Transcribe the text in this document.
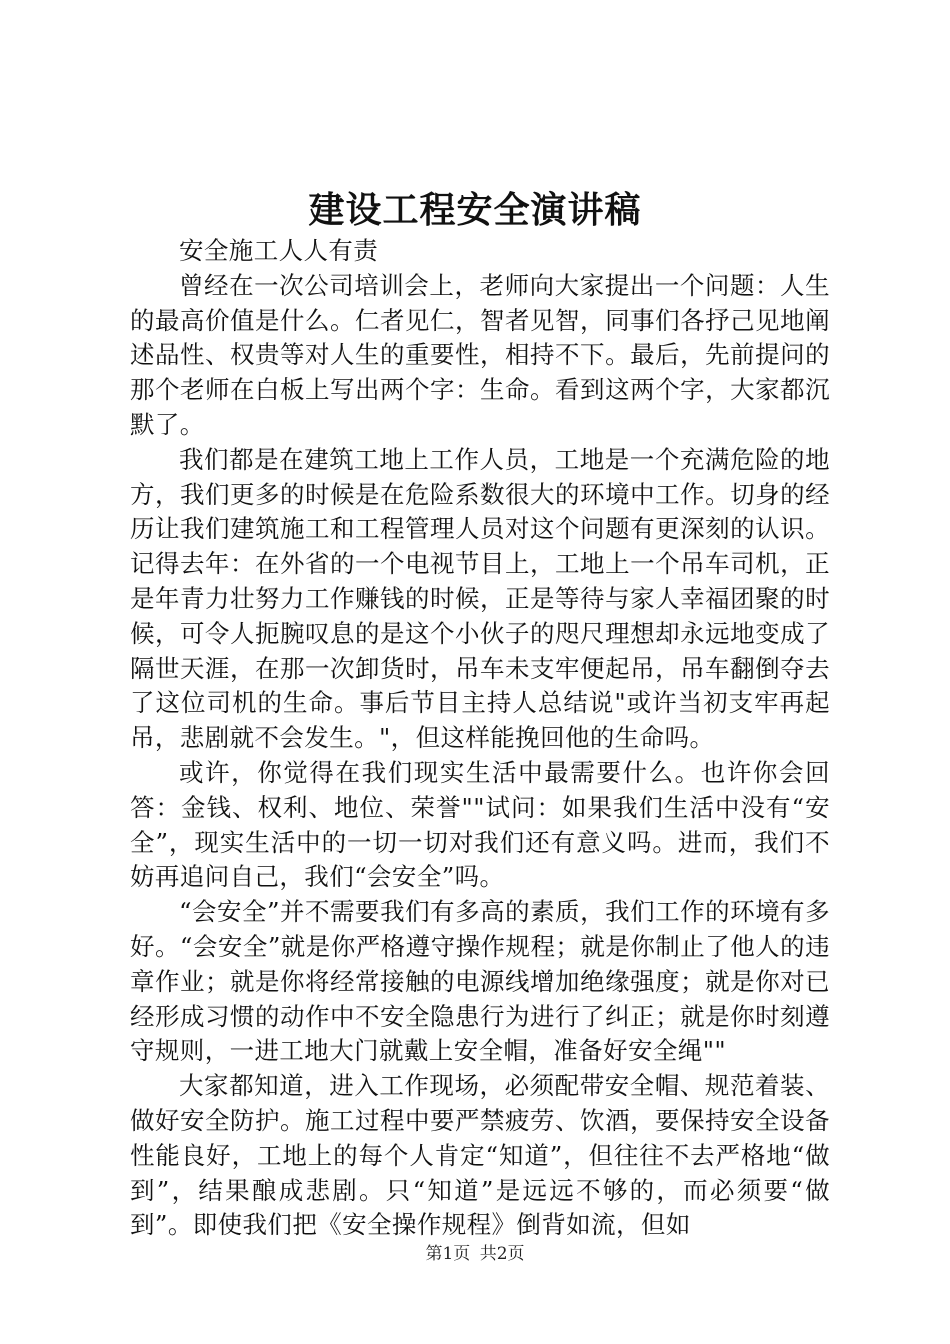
建设工程安全演讲稿

安全施工人人有责

曾经在一次公司培训会上，老师向大家提出一个问题：人生的最高价值是什么。仁者见仁，智者见智，同事们各抒己见地阐述品性、权贵等对人生的重要性，相持不下。最后，先前提问的那个老师在白板上写出两个字：生命。看到这两个字，大家都沉默了。

我们都是在建筑工地上工作人员，工地是一个充满危险的地方，我们更多的时候是在危险系数很大的环境中工作。切身的经历让我们建筑施工和工程管理人员对这个问题有更深刻的认识。记得去年：在外省的一个电视节目上，工地上一个吊车司机，正是年青力壮努力工作赚钱的时候，正是等待与家人幸福团聚的时候，可令人扼腕叹息的是这个小伙子的咫尺理想却永远地变成了隔世天涯，在那一次卸货时，吊车未支牢便起吊，吊车翻倒夺去了这位司机的生命。事后节目主持人总结说"或许当初支牢再起吊，悲剧就不会发生。"，但这样能挽回他的生命吗。

或许，你觉得在我们现实生活中最需要什么。也许你会回答：金钱、权利、地位、荣誉""试问：如果我们生活中没有“安全”，现实生活中的一切一切对我们还有意义吗。进而，我们不妨再追问自己，我们“会安全”吗。

“会安全”并不需要我们有多高的素质，我们工作的环境有多好。“会安全”就是你严格遵守操作规程；就是你制止了他人的违章作业；就是你将经常接触的电源线增加绝缘强度；就是你对已经形成习惯的动作中不安全隐患行为进行了纠正；就是你时刻遵守规则，一进工地大门就戴上安全帽，准备好安全绳""

大家都知道，进入工作现场，必须配带安全帽、规范着装、做好安全防护。施工过程中要严禁疲劳、饮酒，要保持安全设备性能良好，工地上的每个人肯定“知道”，但往往不去严格地“做到”，结果酿成悲剧。只“知道”是远远不够的，而必须要“做到”。即使我们把《安全操作规程》倒背如流，但如

第1页 共2页
